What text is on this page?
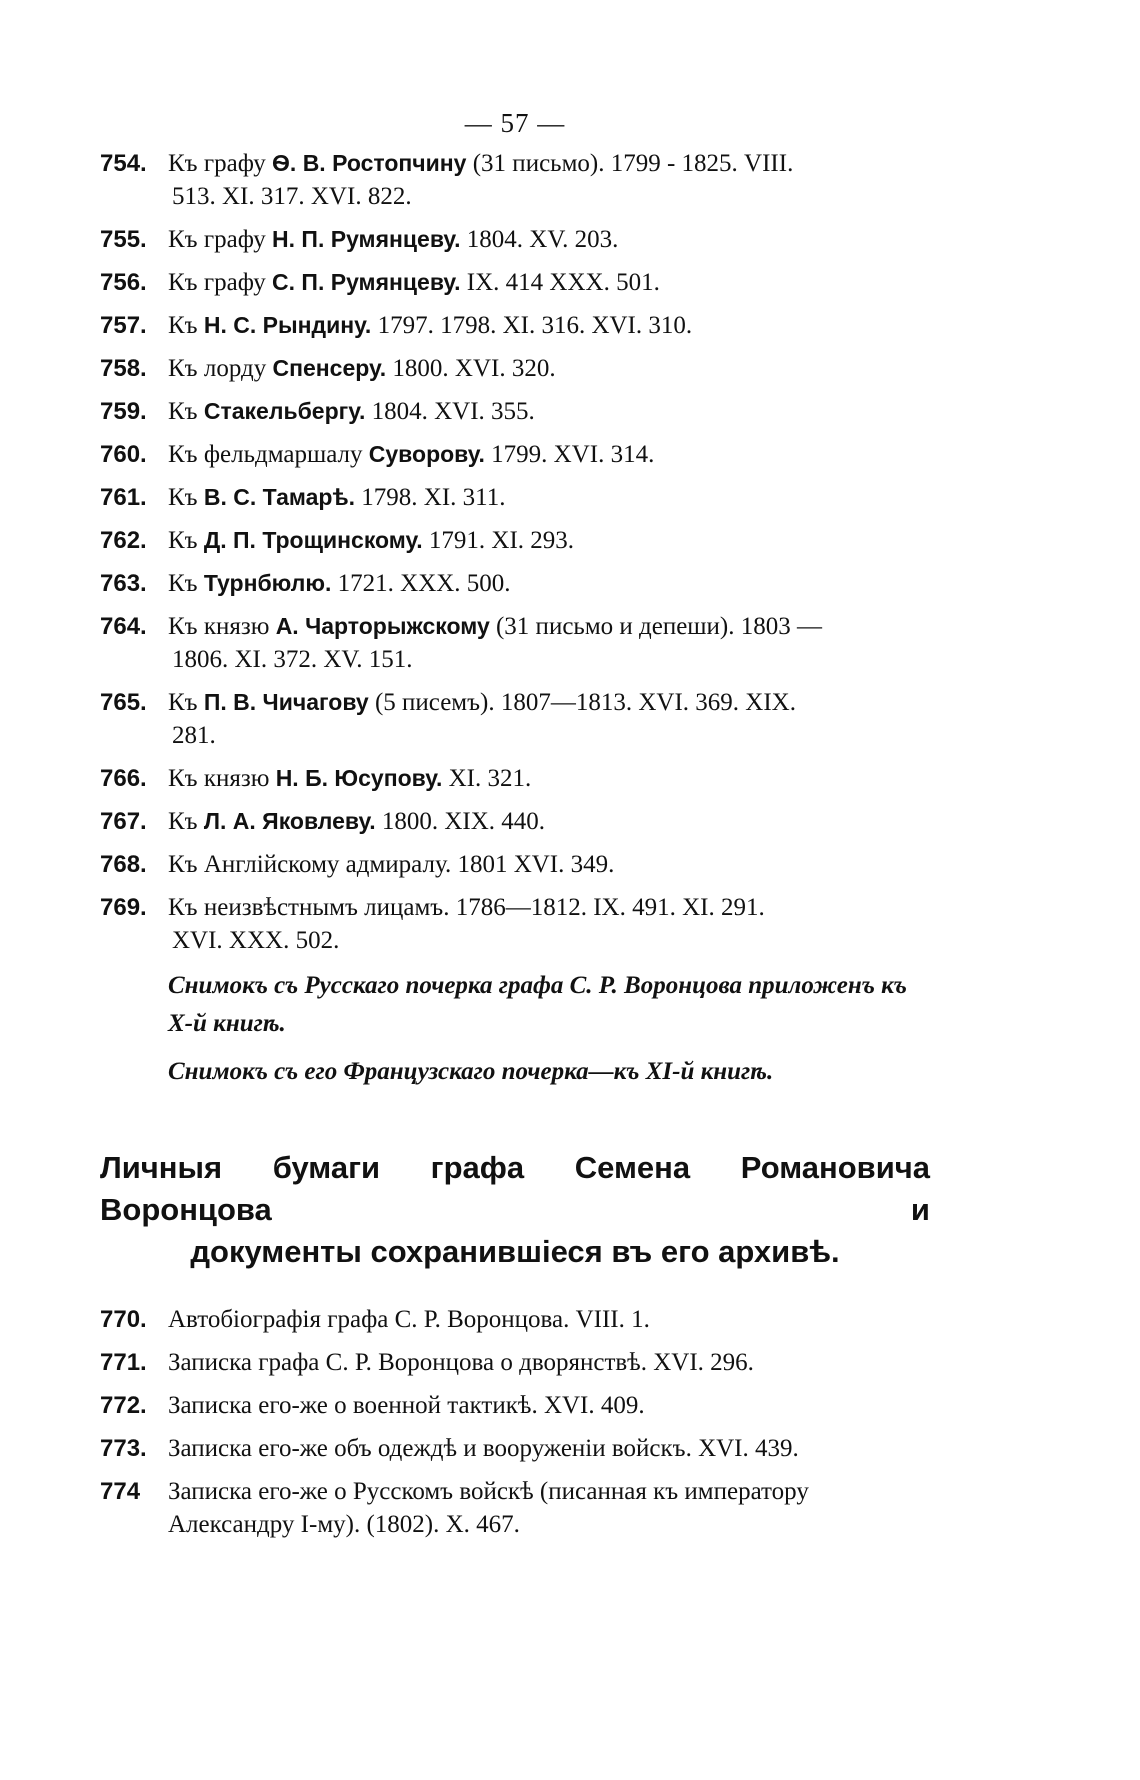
— 57 —
754. Къ графу Ѳ. В. Ростопчину (31 письмо). 1799 - 1825. VIII.
513. XI. 317. XVI. 822.
755. Къ графу Н. П. Румянцеву. 1804. XV. 203.
756. Къ графу С. П. Румянцеву. IX. 414 XXX. 501.
757. Къ Н. С. Рындину. 1797. 1798. XI. 316. XVI. 310.
758. Къ лорду Спенсеру. 1800. XVI. 320.
759. Къ Стакельбергу. 1804. XVI. 355.
760. Къ фельдмаршалу Суворову. 1799. XVI. 314.
761. Къ В. С. Тамарѣ. 1798. XI. 311.
762. Къ Д. П. Трощинскому. 1791. XI. 293.
763. Къ Турнбюлю. 1721. XXX. 500.
764. Къ князю А. Чарторыжскому (31 письмо и депеши). 1803 —
1806. XI. 372. XV. 151.
765. Къ П. В. Чичагову (5 писемъ). 1807—1813. XVI. 369. XIX.
281.
766. Къ князю Н. Б. Юсупову. XI. 321.
767. Къ Л. А. Яковлеву. 1800. XIX. 440.
768. Къ Англійскому адмиралу. 1801 XVI. 349.
769. Къ неизвѣстнымъ лицамъ. 1786—1812. IX. 491. XI. 291.
XVI. XXX. 502.
Снимокъ съ Русскаго почерка графа С. Р. Воронцова приложенъ къ X-й книгѣ.
Снимокъ съ его Французскаго почерка—къ XI-й книгѣ.
Личныя бумаги графа Семена Романовича Воронцова и
документы сохранившіеся въ его архивѣ.
770. Автобіографія графа С. Р. Воронцова. VIII. 1.
771. Записка графа С. Р. Воронцова о дворянствѣ. XVI. 296.
772. Записка его-же о военной тактикѣ. XVI. 409.
773. Записка его-же объ одеждѣ и вооруженіи войскъ. XVI. 439.
774 Записка его-же о Русскомъ войскѣ (писанная къ императору Александру I-му). (1802). X. 467.
